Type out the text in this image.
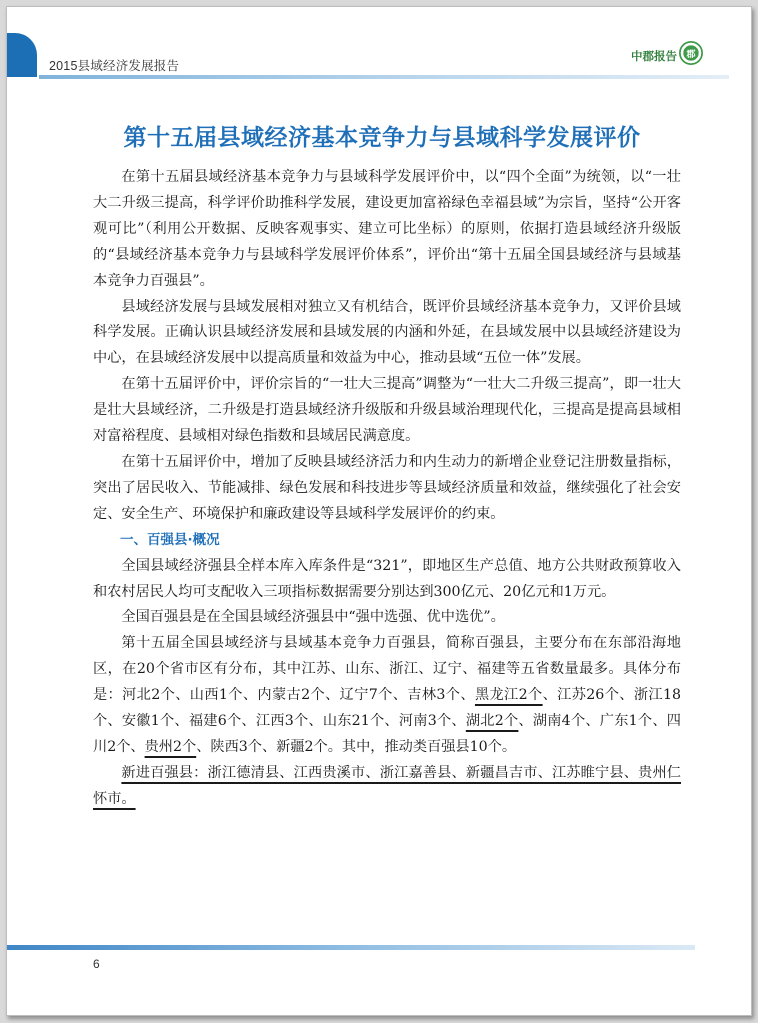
2015县域经济发展报告
中郡报告 郡
第十五届县域经济基本竞争力与县域科学发展评价

在第十五届县域经济基本竞争力与县域科学发展评价中，以“四个全面”为统领，以“一壮大二升级三提高，科学评价助推科学发展，建设更加富裕绿色幸福县域”为宗旨，坚持“公开客观可比”（利用公开数据、反映客观事实、建立可比坐标）的原则，依据打造县域经济升级版的“县域经济基本竞争力与县域科学发展评价体系”，评价出“第十五届全国县域经济与县域基本竞争力百强县”。

县域经济发展与县域发展相对独立又有机结合，既评价县域经济基本竞争力，又评价县域科学发展。正确认识县域经济发展和县域发展的内涵和外延，在县域发展中以县域经济建设为中心，在县域经济发展中以提高质量和效益为中心，推动县域“五位一体”发展。

在第十五届评价中，评价宗旨的“一壮大三提高”调整为“一壮大二升级三提高”，即一壮大是壮大县域经济，二升级是打造县域经济升级版和升级县域治理现代化，三提高是提高县域相对富裕程度、县域相对绿色指数和县域居民满意度。

在第十五届评价中，增加了反映县域经济活力和内生动力的新增企业登记注册数量指标，突出了居民收入、节能减排、绿色发展和科技进步等县域经济质量和效益，继续强化了社会安定、安全生产、环境保护和廉政建设等县域科学发展评价的约束。

一、百强县·概况

全国县域经济强县全样本库入库条件是“321”，即地区生产总值、地方公共财政预算收入和农村居民人均可支配收入三项指标数据需要分别达到300亿元、20亿元和1万元。

全国百强县是在全国县域经济强县中“强中选强、优中选优”。

第十五届全国县域经济与县域基本竞争力百强县，简称百强县，主要分布在东部沿海地区，在20个省市区有分布，其中江苏、山东、浙江、辽宁、福建等五省数量最多。具体分布是：河北2个、山西1个、内蒙古2个、辽宁7个、吉林3个、黑龙江2个、江苏26个、浙江18个、安徽1个、福建6个、江西3个、山东21个、河南3个、湖北2个、湖南4个、广东1个、四川2个、贵州2个、陕西3个、新疆2个。其中，推动类百强县10个。

新进百强县：浙江德清县、江西贵溪市、浙江嘉善县、新疆昌吉市、江苏睢宁县、贵州仁怀市。

6
